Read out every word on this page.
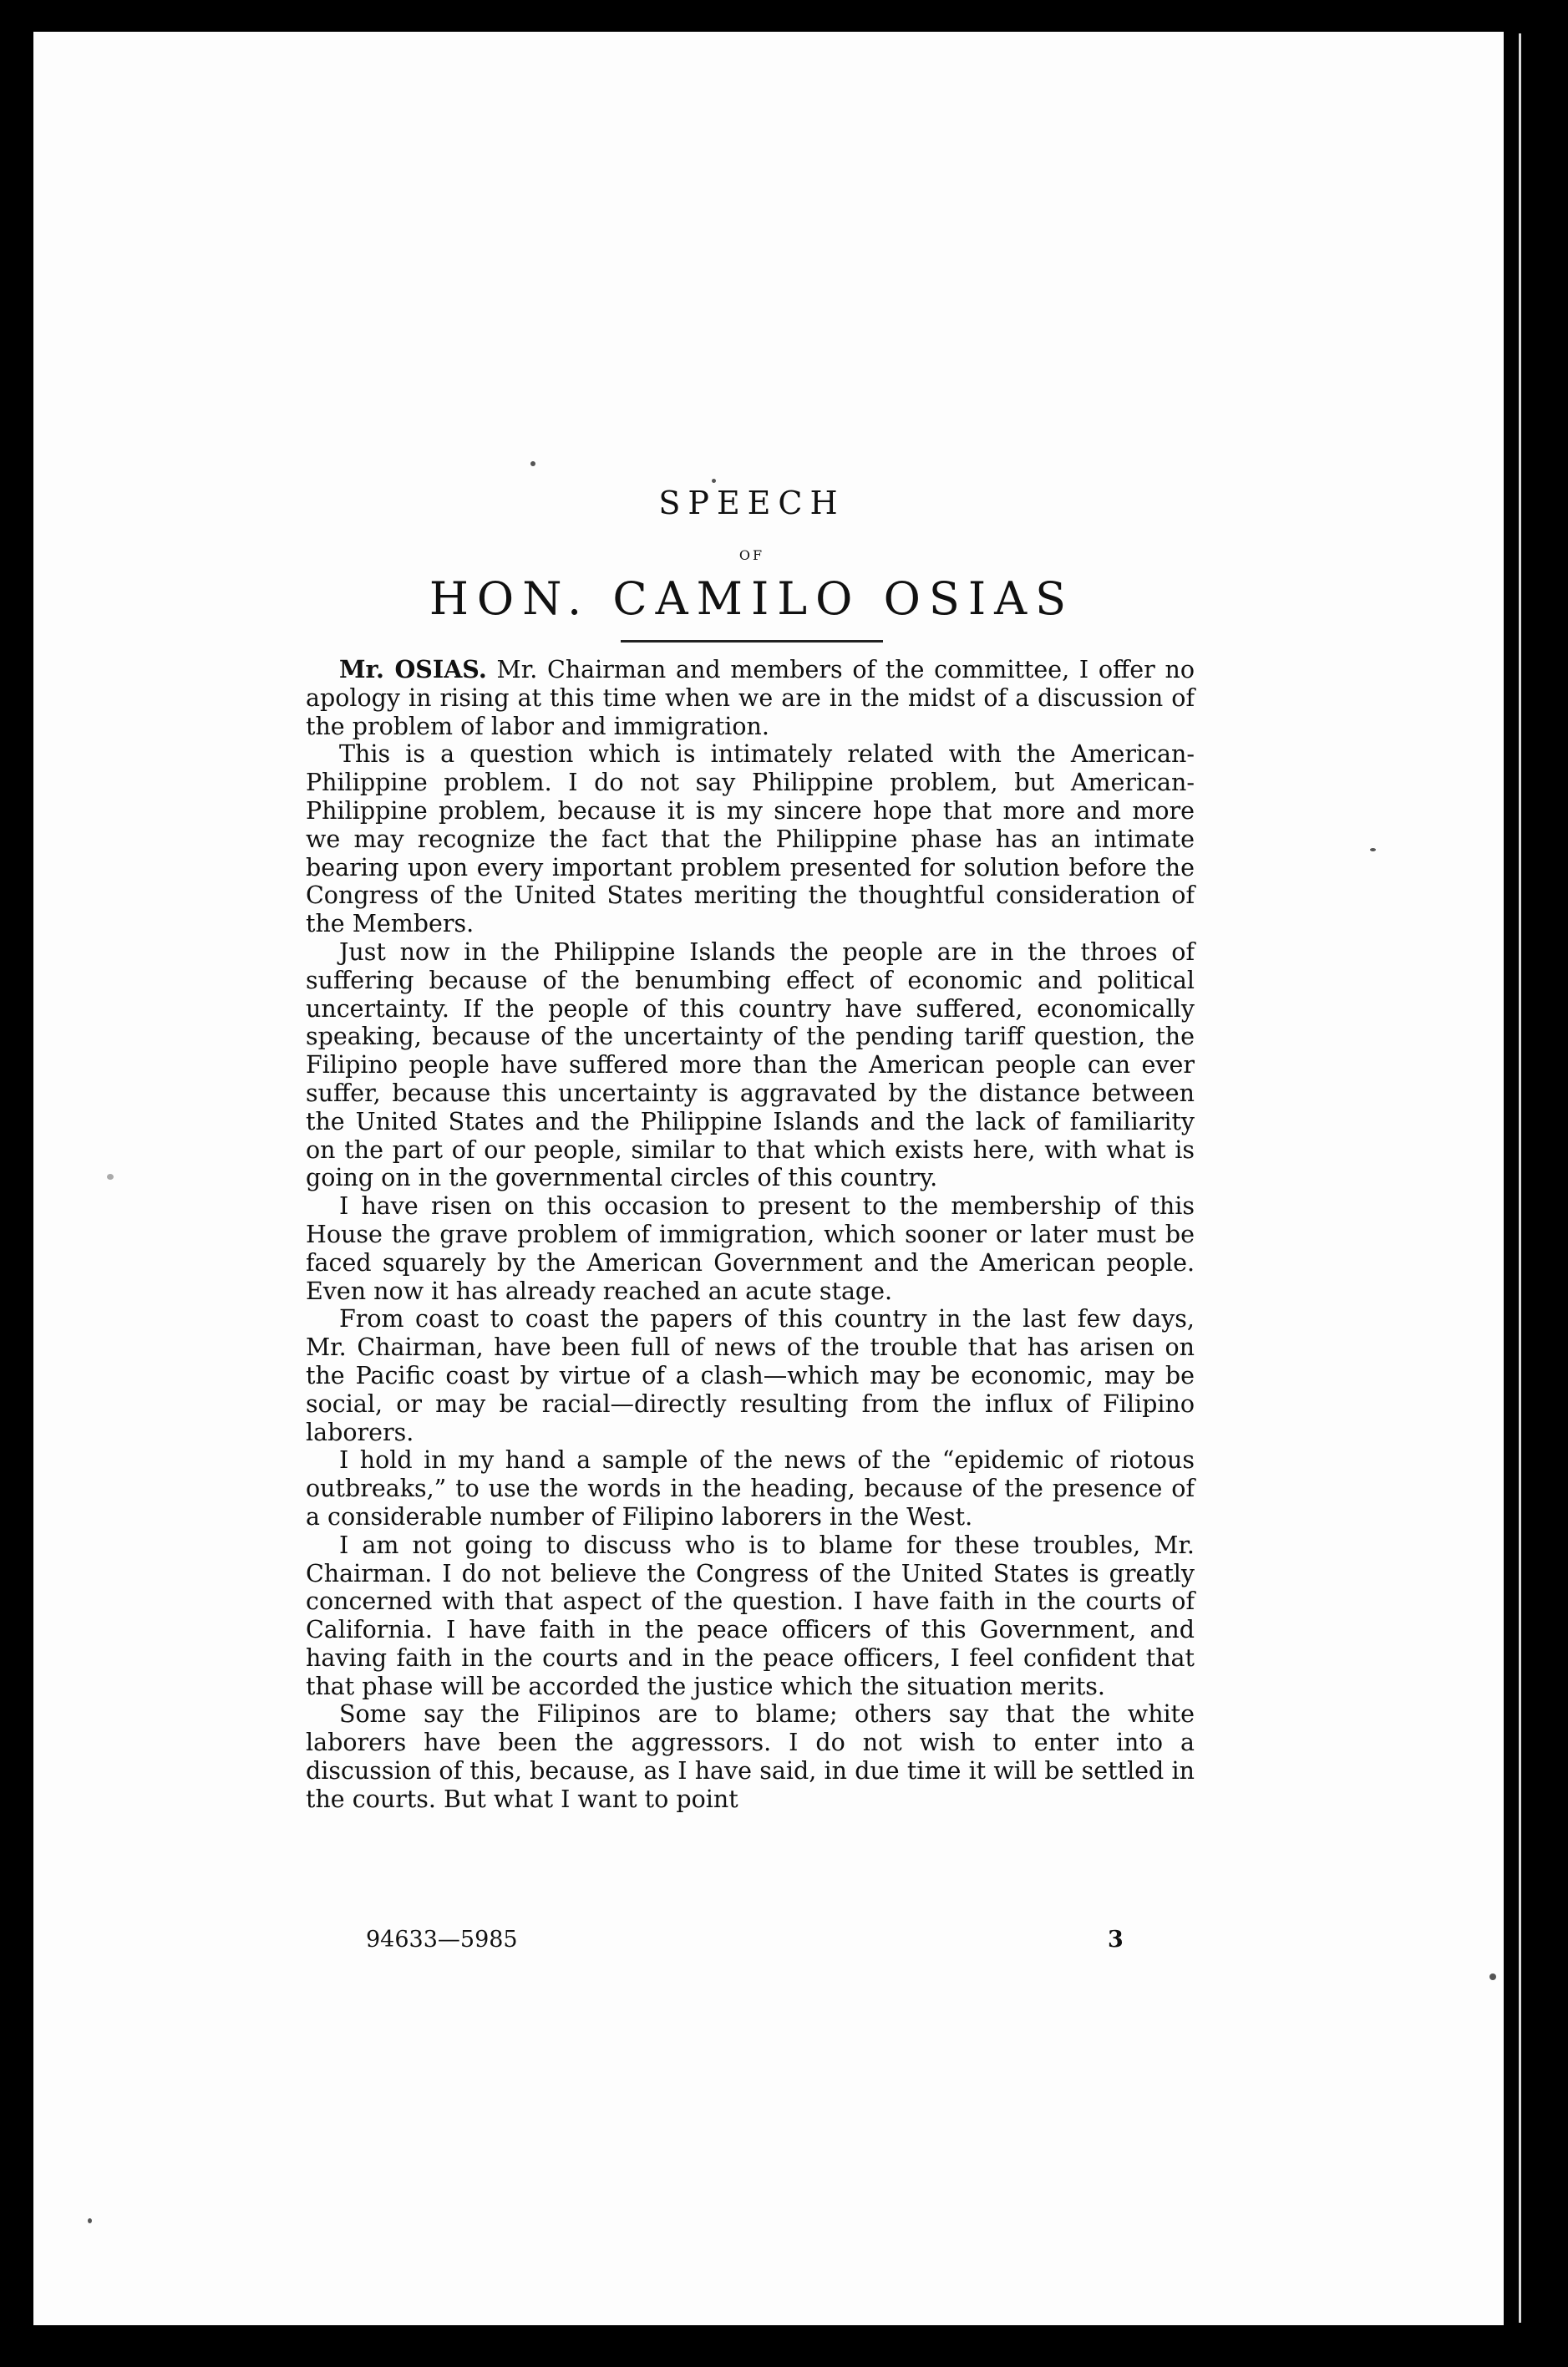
SPEECH
OF
HON. CAMILO OSIAS

Mr. OSIAS. Mr. Chairman and members of the committee, I offer no apology in rising at this time when we are in the midst of a discussion of the problem of labor and immigration.

This is a question which is intimately related with the American-Philippine problem. I do not say Philippine problem, but American-Philippine problem, because it is my sincere hope that more and more we may recognize the fact that the Philippine phase has an intimate bearing upon every important problem presented for solution before the Congress of the United States meriting the thoughtful consideration of the Members.

Just now in the Philippine Islands the people are in the throes of suffering because of the benumbing effect of economic and political uncertainty. If the people of this country have suffered, economically speaking, because of the uncertainty of the pending tariff question, the Filipino people have suffered more than the American people can ever suffer, because this uncertainty is aggravated by the distance between the United States and the Philippine Islands and the lack of familiarity on the part of our people, similar to that which exists here, with what is going on in the governmental circles of this country.

I have risen on this occasion to present to the membership of this House the grave problem of immigration, which sooner or later must be faced squarely by the American Government and the American people. Even now it has already reached an acute stage.

From coast to coast the papers of this country in the last few days, Mr. Chairman, have been full of news of the trouble that has arisen on the Pacific coast by virtue of a clash—which may be economic, may be social, or may be racial—directly resulting from the influx of Filipino laborers.

I hold in my hand a sample of the news of the “epidemic of riotous outbreaks,” to use the words in the heading, because of the presence of a considerable number of Filipino laborers in the West.

I am not going to discuss who is to blame for these troubles, Mr. Chairman. I do not believe the Congress of the United States is greatly concerned with that aspect of the question. I have faith in the courts of California. I have faith in the peace officers of this Government, and having faith in the courts and in the peace officers, I feel confident that that phase will be accorded the justice which the situation merits.

Some say the Filipinos are to blame; others say that the white laborers have been the aggressors. I do not wish to enter into a discussion of this, because, as I have said, in due time it will be settled in the courts. But what I want to point

94633—5985	3
